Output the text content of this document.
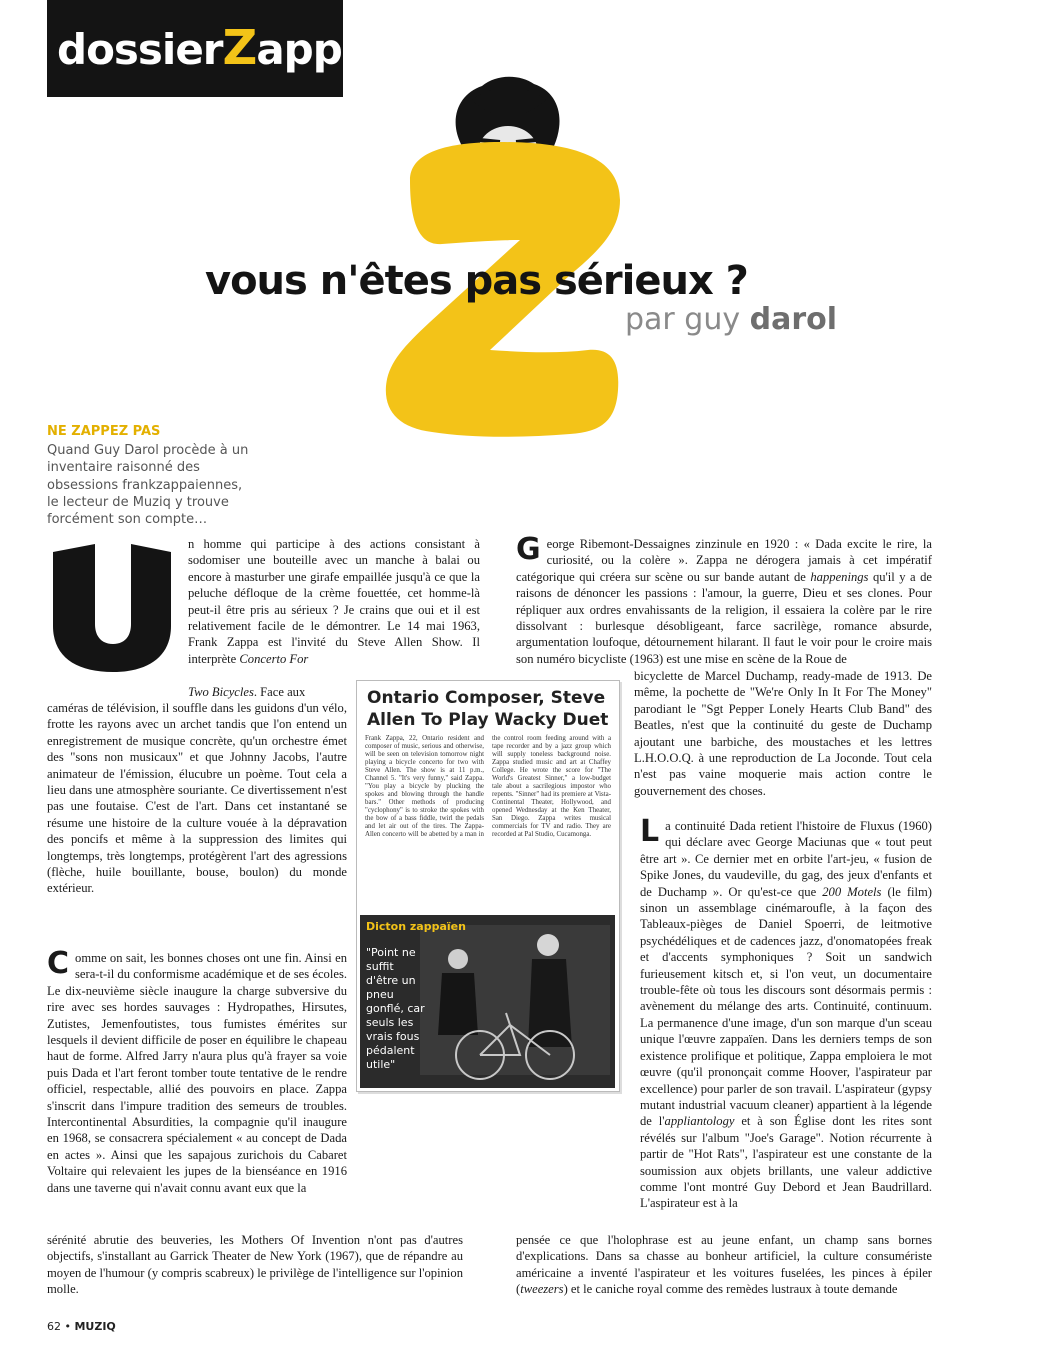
dossierZappa
vous n'êtes pas sérieux ?
par guy darol

NE ZAPPEZ PAS

Quand Guy Darol procède à un inventaire raisonné des obsessions frankzappaiennes, le lecteur de Muziq y trouve forcément son compte…

n homme qui participe à des actions consistant à sodomiser une bouteille avec un manche à balai ou encore à masturber une girafe empaillée jusqu'à ce que la peluche défloque de la crème fouettée, cet homme-là peut-il être pris au sérieux ? Je crains que oui et il est relativement facile de le démontrer. Le 14 mai 1963, Frank Zappa est l'invité du Steve Allen Show. Il interprète Concerto For

Two Bicycles. Face aux

caméras de télévision, il souffle dans les guidons d'un vélo, frotte les rayons avec un archet tandis que l'on entend un enregistrement de musique concrète, qu'un orchestre émet des "sons non musicaux" et que Johnny Jacobs, l'autre animateur de l'émission, élucubre un poème. Tout cela a lieu dans une atmosphère souriante. Ce divertissement n'est pas une foutaise. C'est de l'art. Dans cet instantané se résume une histoire de la culture vouée à la dépravation des poncifs et même à la suppression des limites qui longtemps, très longtemps, protégèrent l'art des agressions (flèche, huile bouillante, bouse, boulon) du monde extérieur.

Comme on sait, les bonnes choses ont une fin. Ainsi en sera-t-il du conformisme académique et de ses écoles. Le dix-neuvième siècle inaugure la charge subversive du rire avec ses hordes sauvages : Hydropathes, Hirsutes, Zutistes, Jemenfoutistes, tous fumistes émérites sur lesquels il devient difficile de poser en équilibre le chapeau haut de forme. Alfred Jarry n'aura plus qu'à frayer sa voie puis Dada et l'art feront tomber toute tentative de le rendre officiel, respectable, allié des pouvoirs en place. Zappa s'inscrit dans l'impure tradition des semeurs de troubles. Intercontinental Absurdities, la compagnie qu'il inaugure en 1968, se consacrera spécialement « au concept de Dada en actes ». Ainsi que les sapajous zurichois du Cabaret Voltaire qui relevaient les jupes de la bienséance en 1916 dans une taverne qui n'avait connu avant eux que la

sérénité abrutie des beuveries, les Mothers Of Invention n'ont pas d'autres objectifs, s'installant au Garrick Theater de New York (1967), que de répandre au moyen de l'humour (y compris scabreux) le privilège de l'intelligence sur l'opinion molle.

George Ribemont-Dessaignes zinzinule en 1920 : « Dada excite le rire, la curiosité, ou la colère ». Zappa ne dérogera jamais à cet impératif catégorique qui créera sur scène ou sur bande autant de happenings qu'il y a de raisons de dénoncer les passions : l'amour, la guerre, Dieu et ses clones. Pour répliquer aux ordres envahissants de la religion, il essaiera la colère par le rire dissolvant : burlesque désobligeant, farce sacrilège, romance absurde, argumentation loufoque, détournement hilarant. Il faut le voir pour le croire mais son numéro bicycliste (1963) est une mise en scène de la Roue de

bicyclette de Marcel Duchamp, ready-made de 1913. De même, la pochette de "We're Only In It For The Money" parodiant le "Sgt Pepper Lonely Hearts Club Band" des Beatles, n'est que la continuité du geste de Duchamp ajoutant une barbiche, des moustaches et les lettres L.H.O.O.Q. à une reproduction de La Joconde. Tout cela n'est pas vaine moquerie mais action contre le gouvernement des choses.

La continuité Dada retient l'histoire de Fluxus (1960) qui déclare avec George Maciunas que « tout peut être art ». Ce dernier met en orbite l'art-jeu, « fusion de Spike Jones, du vaudeville, du gag, des jeux d'enfants et de Duchamp ». Or qu'est-ce que 200 Motels (le film) sinon un assemblage cinémaroufle, à la façon des Tableaux-pièges de Daniel Spoerri, de leitmotive psychédéliques et de cadences jazz, d'onomatopées freak et d'accents symphoniques ? Soit un sandwich furieusement kitsch et, si l'on veut, un documentaire trouble-fête où tous les discours sont désormais permis : avènement du mélange des arts. Continuité, continuum. La permanence d'une image, d'un son marque d'un sceau unique l'œuvre zappaïen. Dans les derniers temps de son existence prolifique et politique, Zappa emploiera le mot œuvre (qu'il prononçait comme Hoover, l'aspirateur par excellence) pour parler de son travail. L'aspirateur (gypsy mutant industrial vacuum cleaner) appartient à la légende de l'appliantology et à son Église dont les rites sont révélés sur l'album "Joe's Garage". Notion récurrente à partir de "Hot Rats", l'aspirateur est une constante de la soumission aux objets brillants, une valeur addictive comme l'ont montré Guy Debord et Jean Baudrillard. L'aspirateur est à la

pensée ce que l'holophrase est au jeune enfant, un champ sans bornes d'explications. Dans sa chasse au bonheur artificiel, la culture consumériste américaine a inventé l'aspirateur et les voitures fuselées, les pinces à épiler (tweezers) et le caniche royal comme des remèdes lustraux à toute demande

Ontario Composer, Steve Allen To Play Wacky Duet
Frank Zappa, 22, Ontario resident and composer of music, serious and otherwise, will be seen on television tomorrow night playing a bicycle concerto for two with Steve Allen. The show is at 11 p.m., Channel 5. "It's very funny," said Zappa. "You play a bicycle by plucking the spokes and blowing through the handle bars." Other methods of producing "cyclophony" is to stroke the spokes with the bow of a bass fiddle, twirl the pedals and let air out of the tires. The Zappa-Allen concerto will be abetted by a man in the control room feeding around with a tape recorder and by a jazz group which will supply toneless background noise. Zappa studied music and art at Chaffey College. He wrote the score for "The World's Greatest Sinner," a low-budget tale about a sacrilegious impostor who repents. "Sinner" had its premiere at Vista-Continental Theater, Hollywood, and opened Wednesday at the Ken Theater, San Diego. Zappa writes musical commercials for TV and radio. They are recorded at Pal Studio, Cucamonga.

Dicton zappaïen

"Point ne suffit d'être un pneu gonflé, car seuls les vrais fous pédalent utile"

62 • MUZIQ
